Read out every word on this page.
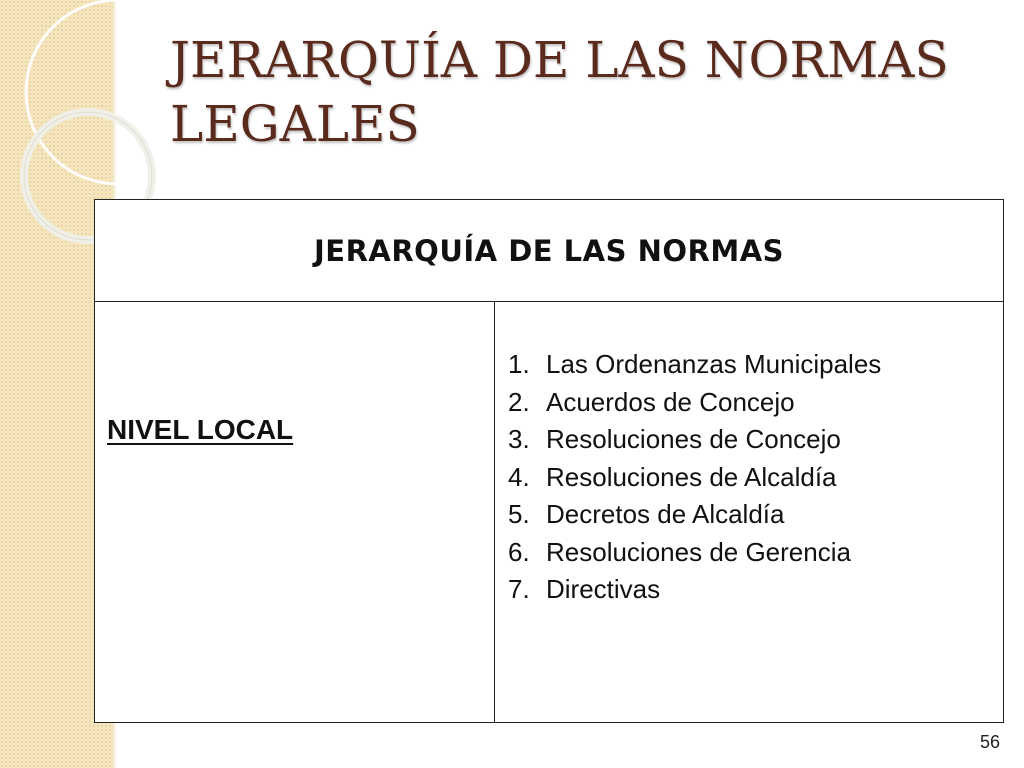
JERARQUÍA DE LAS NORMAS LEGALES
JERARQUÍA DE LAS NORMAS
NIVEL LOCAL
1. Las Ordenanzas Municipales
2. Acuerdos de Concejo
3. Resoluciones de Concejo
4. Resoluciones de Alcaldía
5. Decretos de Alcaldía
6. Resoluciones de Gerencia
7. Directivas
56
